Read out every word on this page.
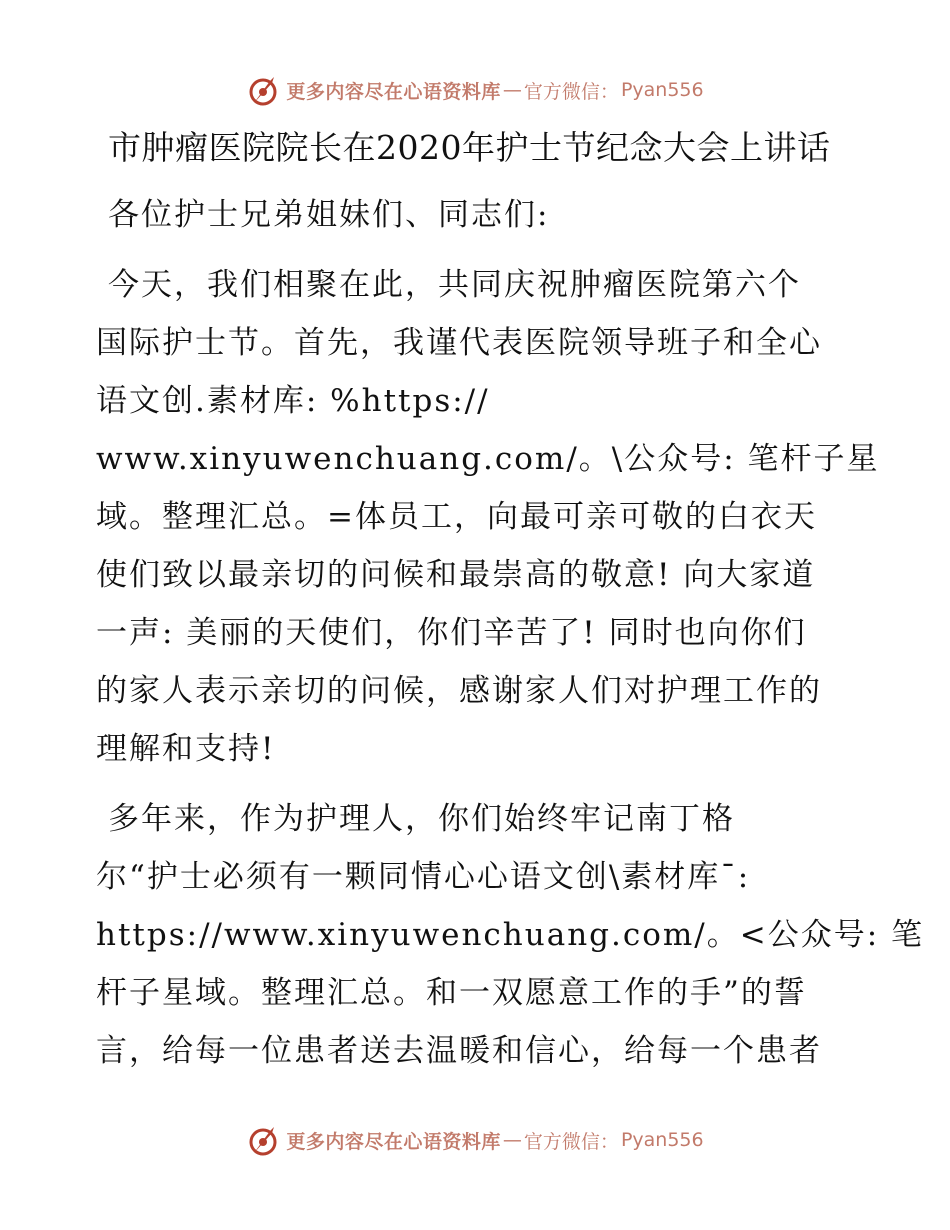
更多内容尽在心语资料库 — 官方微信： Pyan556
市肿瘤医院院长在2020年护士节纪念大会上讲话
各位护士兄弟姐妹们、同志们:
今天，我们相聚在此，共同庆祝肿瘤医院第六个
国际护士节。首先，我谨代表医院领导班子和全心
语文创.素材库: %https://
www.xinyuwenchuang.com/。\公众号: 笔杆子星
域。整理汇总。=体员工，向最可亲可敬的白衣天
使们致以最亲切的问候和最崇高的敬意! 向大家道
一声: 美丽的天使们，你们辛苦了! 同时也向你们
的家人表示亲切的问候，感谢家人们对护理工作的
理解和支持!
多年来，作为护理人，你们始终牢记南丁格
尔“护士必须有一颗同情心心语文创\素材库¯:
https://www.xinyuwenchuang.com/。<公众号: 笔
杆子星域。整理汇总。和一双愿意工作的手”的誓
言，给每一位患者送去温暖和信心，给每一个患者
更多内容尽在心语资料库 — 官方微信： Pyan556
